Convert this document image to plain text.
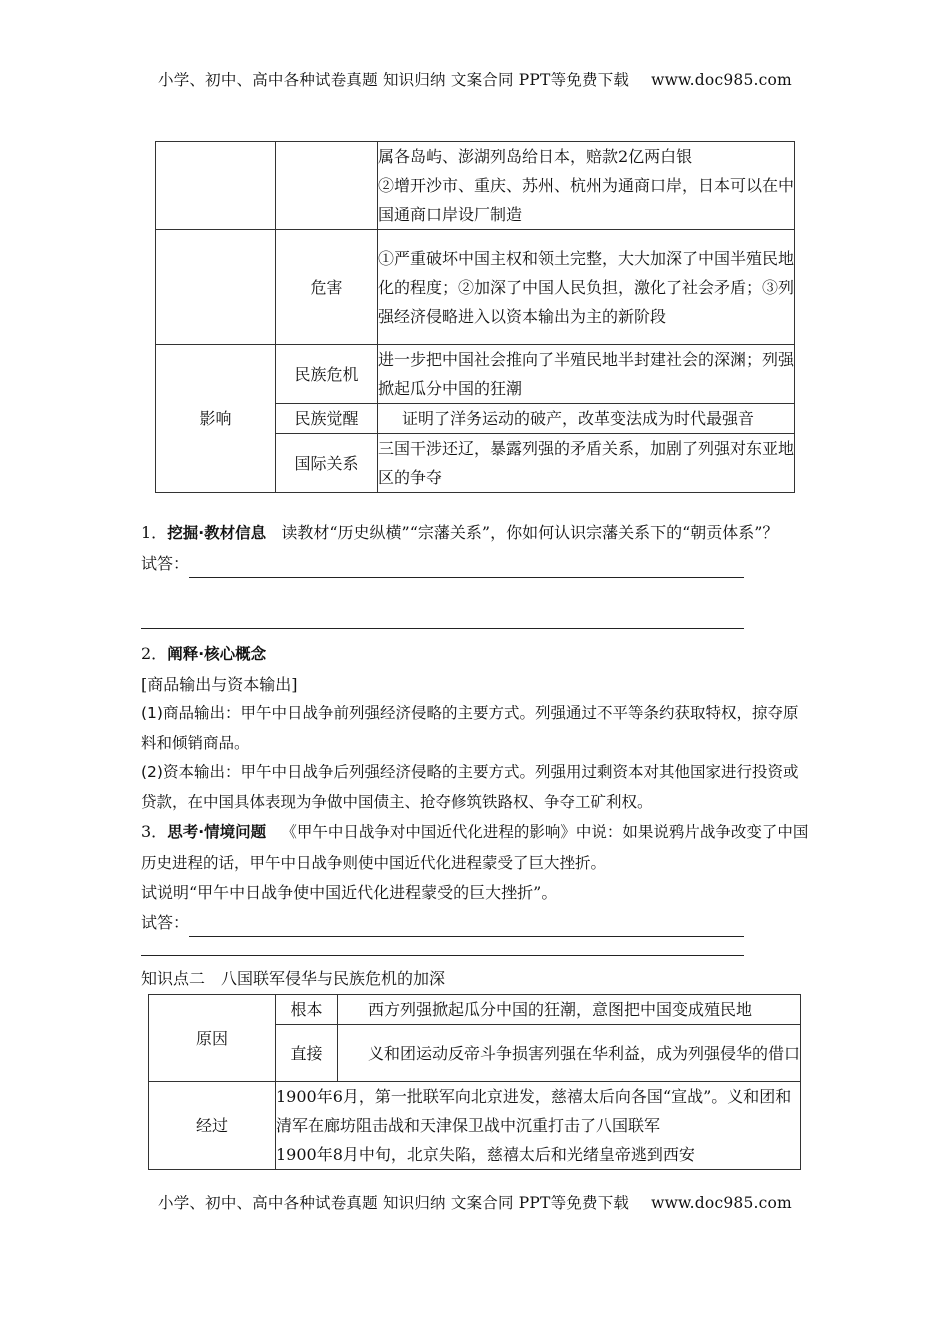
小学、初中、高中各种试卷真题 知识归纳 文案合同 PPT等免费下载 www.doc985.com

		属各岛屿、澎湖列岛给日本，赔款2亿两白银
②增开沙市、重庆、苏州、杭州为通商口岸，日本可以在中国通商口岸设厂制造

	危害	①严重破坏中国主权和领土完整，大大加深了中国半殖民地化的程度；②加深了中国人民负担，激化了社会矛盾；③列强经济侵略进入以资本输出为主的新阶段
影响	民族危机	进一步把中国社会推向了半殖民地半封建社会的深渊；列强掀起瓜分中国的狂潮
	民族觉醒	证明了洋务运动的破产，改革变法成为时代最强音
	国际关系	三国干涉还辽，暴露列强的矛盾关系，加剧了列强对东亚地区的争夺
1．挖掘·教材信息 读教材“历史纵横”“宗藩关系”，你如何认识宗藩关系下的“朝贡体系”？
试答：
2．阐释·核心概念
[商品输出与资本输出]
(1)商品输出：甲午中日战争前列强经济侵略的主要方式。列强通过不平等条约获取特权，掠夺原料和倾销商品。
(2)资本输出：甲午中日战争后列强经济侵略的主要方式。列强用过剩资本对其他国家进行投资或贷款，在中国具体表现为争做中国债主、抢夺修筑铁路权、争夺工矿利权。
3．思考·情境问题 《甲午中日战争对中国近代化进程的影响》中说：如果说鸦片战争改变了中国历史进程的话，甲午中日战争则使中国近代化进程蒙受了巨大挫折。
试说明“甲午中日战争使中国近代化进程蒙受的巨大挫折”。
试答：
知识点二　八国联军侵华与民族危机的加深
原因	根本	西方列强掀起瓜分中国的狂潮，意图把中国变成殖民地
	直接	义和团运动反帝斗争损害列强在华利益，成为列强侵华的借口
经过	1900年6月，第一批联军向北京进发，慈禧太后向各国“宣战”。义和团和清军在廊坊阻击战和天津保卫战中沉重打击了八国联军
1900年8月中旬，北京失陷，慈禧太后和光绪皇帝逃到西安	
小学、初中、高中各种试卷真题 知识归纳 文案合同 PPT等免费下载 www.doc985.com
